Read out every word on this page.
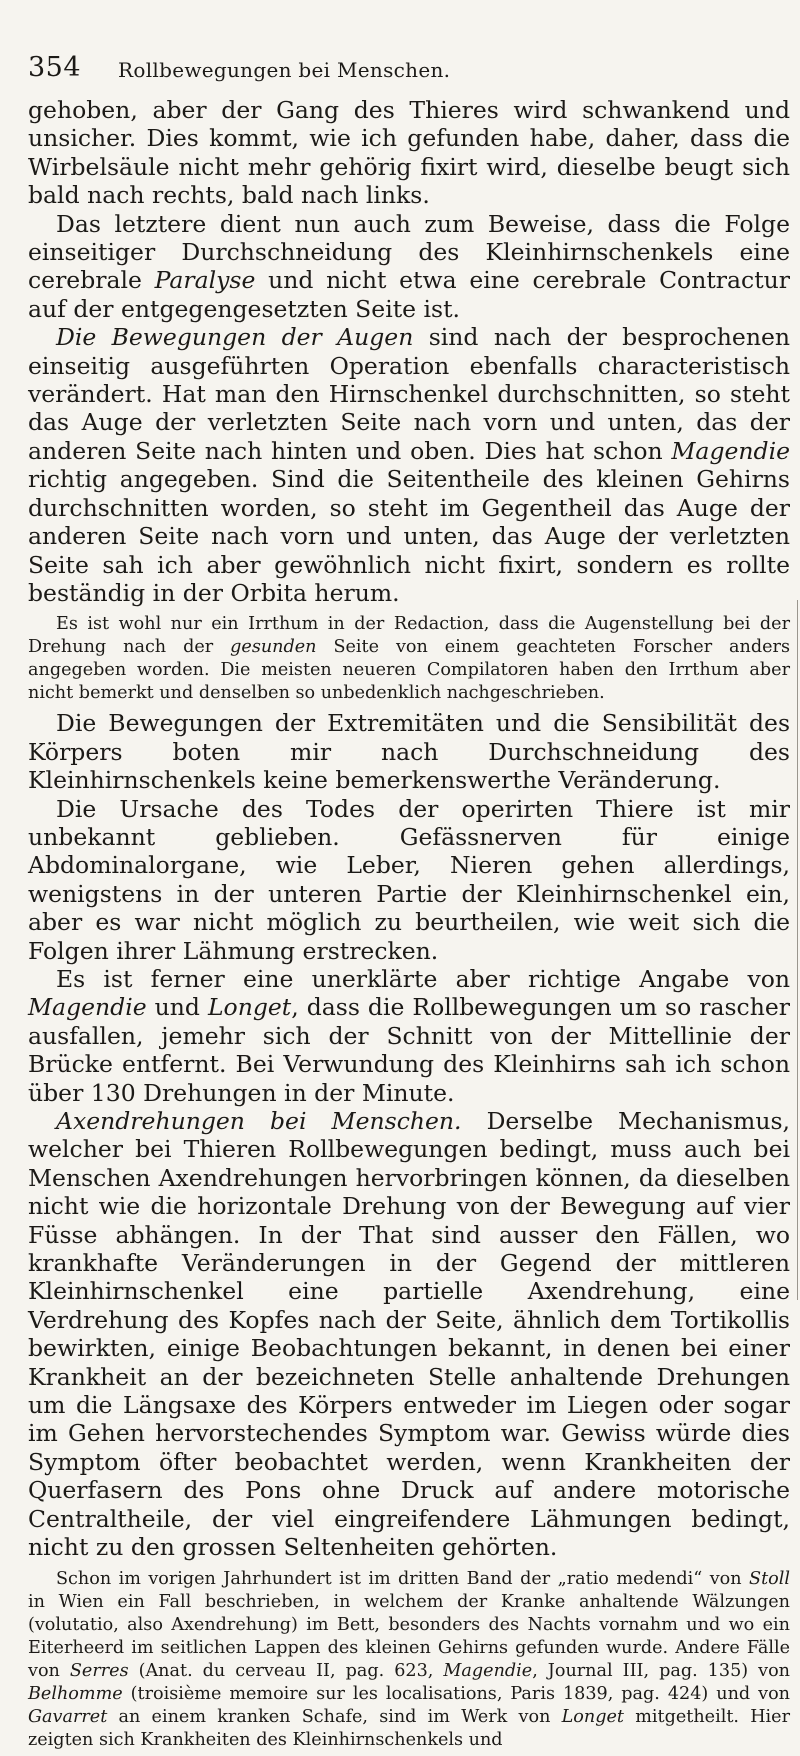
354 Rollbewegungen bei Menschen.

gehoben, aber der Gang des Thieres wird schwankend und unsicher. Dies kommt, wie ich gefunden habe, daher, dass die Wirbelsäule nicht mehr gehörig fixirt wird, dieselbe beugt sich bald nach rechts, bald nach links.

Das letztere dient nun auch zum Beweise, dass die Folge einseitiger Durchschneidung des Kleinhirnschenkels eine cerebrale Paralyse und nicht etwa eine cerebrale Contractur auf der entgegengesetzten Seite ist.

Die Bewegungen der Augen sind nach der besprochenen einseitig ausgeführten Operation ebenfalls characteristisch verändert. Hat man den Hirnschenkel durchschnitten, so steht das Auge der verletzten Seite nach vorn und unten, das der anderen Seite nach hinten und oben. Dies hat schon Magendie richtig angegeben. Sind die Seitentheile des kleinen Gehirns durchschnitten worden, so steht im Gegentheil das Auge der anderen Seite nach vorn und unten, das Auge der verletzten Seite sah ich aber gewöhnlich nicht fixirt, sondern es rollte beständig in der Orbita herum.

Es ist wohl nur ein Irrthum in der Redaction, dass die Augenstellung bei der Drehung nach der gesunden Seite von einem geachteten Forscher anders angegeben worden. Die meisten neueren Compilatoren haben den Irrthum aber nicht bemerkt und denselben so unbedenklich nachgeschrieben.

Die Bewegungen der Extremitäten und die Sensibilität des Körpers boten mir nach Durchschneidung des Kleinhirnschenkels keine bemerkenswerthe Veränderung.

Die Ursache des Todes der operirten Thiere ist mir unbekannt geblieben. Gefässnerven für einige Abdominalorgane, wie Leber, Nieren gehen allerdings, wenigstens in der unteren Partie der Kleinhirnschenkel ein, aber es war nicht möglich zu beurtheilen, wie weit sich die Folgen ihrer Lähmung erstrecken.

Es ist ferner eine unerklärte aber richtige Angabe von Magendie und Longet, dass die Rollbewegungen um so rascher ausfallen, jemehr sich der Schnitt von der Mittellinie der Brücke entfernt. Bei Verwundung des Kleinhirns sah ich schon über 130 Drehungen in der Minute.

Axendrehungen bei Menschen. Derselbe Mechanismus, welcher bei Thieren Rollbewegungen bedingt, muss auch bei Menschen Axendrehungen hervorbringen können, da dieselben nicht wie die horizontale Drehung von der Bewegung auf vier Füsse abhängen. In der That sind ausser den Fällen, wo krankhafte Veränderungen in der Gegend der mittleren Kleinhirnschenkel eine partielle Axendrehung, eine Verdrehung des Kopfes nach der Seite, ähnlich dem Tortikollis bewirkten, einige Beobachtungen bekannt, in denen bei einer Krankheit an der bezeichneten Stelle anhaltende Drehungen um die Längsaxe des Körpers entweder im Liegen oder sogar im Gehen hervorstechendes Symptom war. Gewiss würde dies Symptom öfter beobachtet werden, wenn Krankheiten der Querfasern des Pons ohne Druck auf andere motorische Centraltheile, der viel eingreifendere Lähmungen bedingt, nicht zu den grossen Seltenheiten gehörten.

Schon im vorigen Jahrhundert ist im dritten Band der „ratio medendi“ von Stoll in Wien ein Fall beschrieben, in welchem der Kranke anhaltende Wälzungen (volutatio, also Axendrehung) im Bett, besonders des Nachts vornahm und wo ein Eiterheerd im seitlichen Lappen des kleinen Gehirns gefunden wurde. Andere Fälle von Serres (Anat. du cerveau II, pag. 623, Magendie, Journal III, pag. 135) von Belhomme (troisième memoire sur les localisations, Paris 1839, pag. 424) und von Gavarret an einem kranken Schafe, sind im Werk von Longet mitgetheilt. Hier zeigten sich Krankheiten des Kleinhirnschenkels und
